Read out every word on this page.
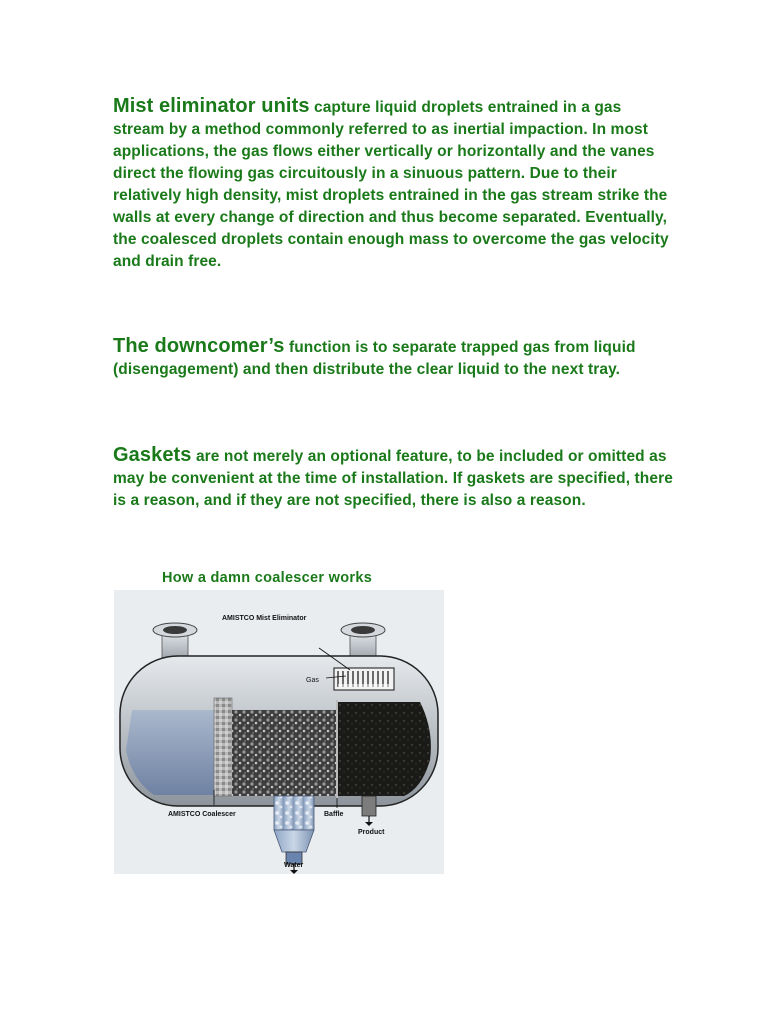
Mist eliminator units capture liquid droplets entrained in a gas stream by a method commonly referred to as inertial impaction. In most applications, the gas flows either vertically or horizontally and the vanes direct the flowing gas circuitously in a sinuous pattern. Due to their relatively high density, mist droplets entrained in the gas stream strike the walls at every change of direction and thus become separated. Eventually, the coalesced droplets contain enough mass to overcome the gas velocity and drain free.
The downcomer’s function is to separate trapped gas from liquid (disengagement) and then distribute the clear liquid to the next tray.
Gaskets are not merely an optional feature, to be included or omitted as may be convenient at the time of installation. If gaskets are specified, there is a reason, and if they are not specified, there is also a reason.
How a damn coalescer works
AMISTCO Mist Eliminator
Gas
AMISTCO Coalescer	Baffle
Product
Water
